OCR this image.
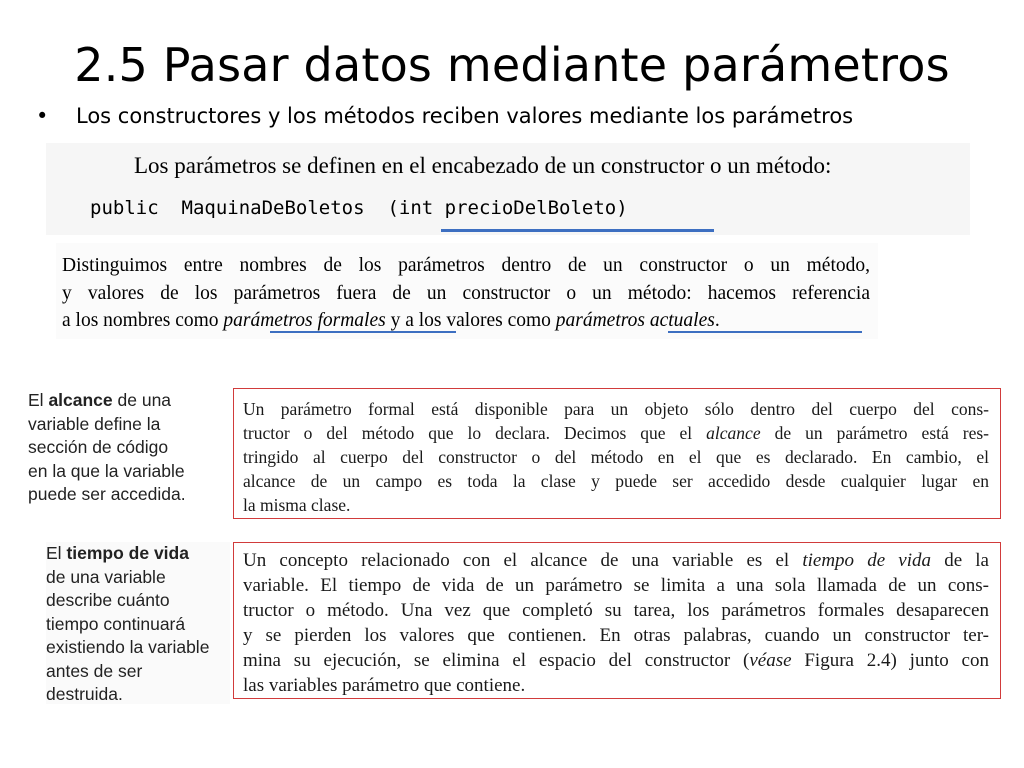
2.5 Pasar datos mediante parámetros
• Los constructores y los métodos reciben valores mediante los parámetros
Los parámetros se definen en el encabezado de un constructor o un método:
public MaquinaDeBoletos (int precioDelBoleto)
Distinguimos entre nombres de los parámetros dentro de un constructor o un método,
y valores de los parámetros fuera de un constructor o un método: hacemos referencia
a los nombres como parámetros formales y a los valores como parámetros actuales.
El alcance de una
variable define la
sección de código
en la que la variable
puede ser accedida.
Un parámetro formal está disponible para un objeto sólo dentro del cuerpo del cons-
tructor o del método que lo declara. Decimos que el alcance de un parámetro está res-
tringido al cuerpo del constructor o del método en el que es declarado. En cambio, el
alcance de un campo es toda la clase y puede ser accedido desde cualquier lugar en
la misma clase.
El tiempo de vida
de una variable
describe cuánto
tiempo continuará
existiendo la variable
antes de ser
destruida.
Un concepto relacionado con el alcance de una variable es el tiempo de vida de la
variable. El tiempo de vida de un parámetro se limita a una sola llamada de un cons-
tructor o método. Una vez que completó su tarea, los parámetros formales desaparecen
y se pierden los valores que contienen. En otras palabras, cuando un constructor ter-
mina su ejecución, se elimina el espacio del constructor (véase Figura 2.4) junto con
las variables parámetro que contiene.
